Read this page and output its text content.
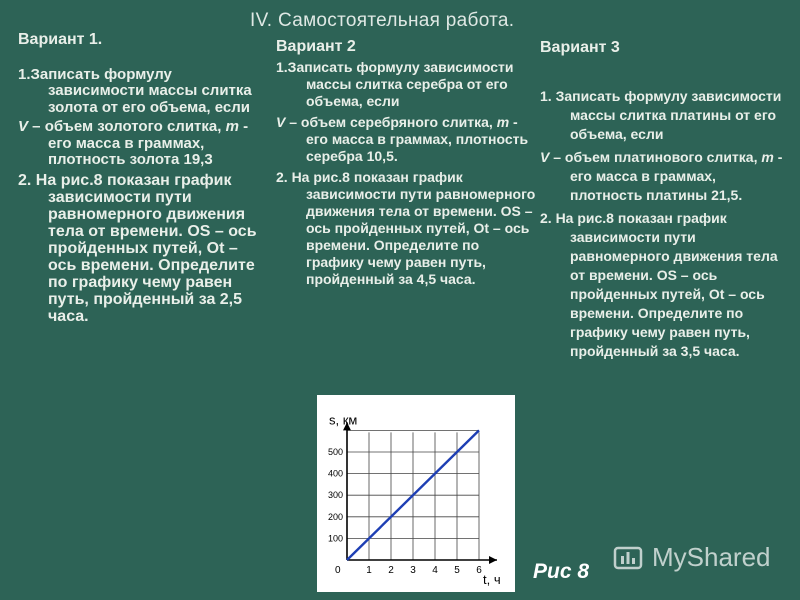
IV. Самостоятельная работа.

Вариант 1.

1.Записать формулу зависимости массы слитка золота от его объема, если

V – объем золотого слитка, m - его масса в граммах, плотность золота 19,3

2. На рис.8 показан график зависимости пути равномерного движения тела от времени. OS – ось пройденных путей, Ot – ось времени. Определите по графику чему равен путь, пройденный за 2,5 часа.

Вариант 2

1.Записать формулу зависимости массы слитка серебра от его объема, если

V – объем серебряного слитка, m - его масса в граммах, плотность серебра 10,5.

2. На рис.8 показан график зависимости пути равномерного движения тела от времени. OS – ось пройденных путей, Ot – ось времени. Определите по графику чему равен путь, пройденный за 4,5 часа.

Вариант 3

1. Записать формулу зависимости массы слитка платины от его объема, если

V – объем платинового слитка, m - его масса в граммах, плотность платины 21,5.

2. На рис.8 показан график зависимости пути равномерного движения тела от времени. OS – ось пройденных путей, Ot – ось времени. Определите по графику чему равен путь, пройденный за 3,5 часа.

100
200
300
400
500
1 2 3 4 5 6
0
s, км
t, ч Рис 8 MyShared
